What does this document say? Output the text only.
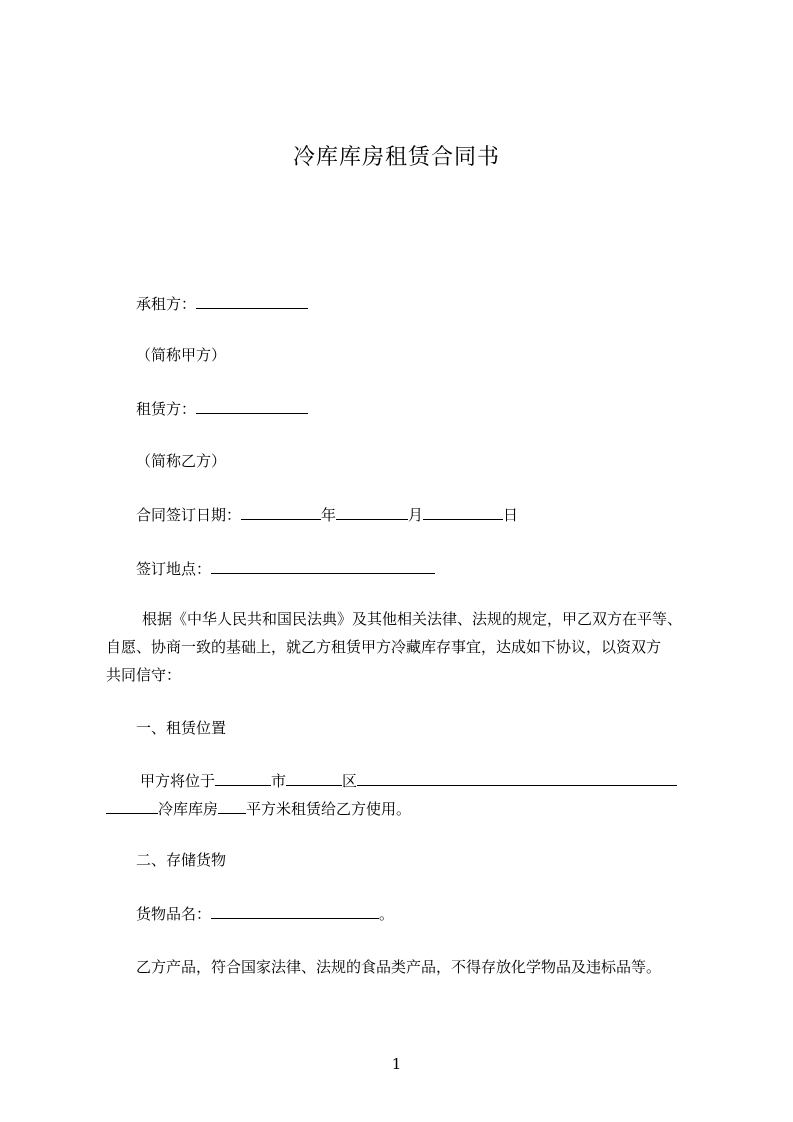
冷库库房租赁合同书
承租方：
（简称甲方）
租赁方：
（简称乙方）
合同签订日期：	年	月	日
签订地点：
根据《中华人民共和国民法典》及其他相关法律、法规的规定，甲乙双方在平等、
自愿、协商一致的基础上，就乙方租赁甲方冷藏库存事宜，达成如下协议，以资双方
共同信守：
一、租赁位置
甲方将位于	市	区
冷库库房 平方米租赁给乙方使用。
二、存储货物
货物品名：	。
乙方产品，符合国家法律、法规的食品类产品，不得存放化学物品及违标品等。
1
